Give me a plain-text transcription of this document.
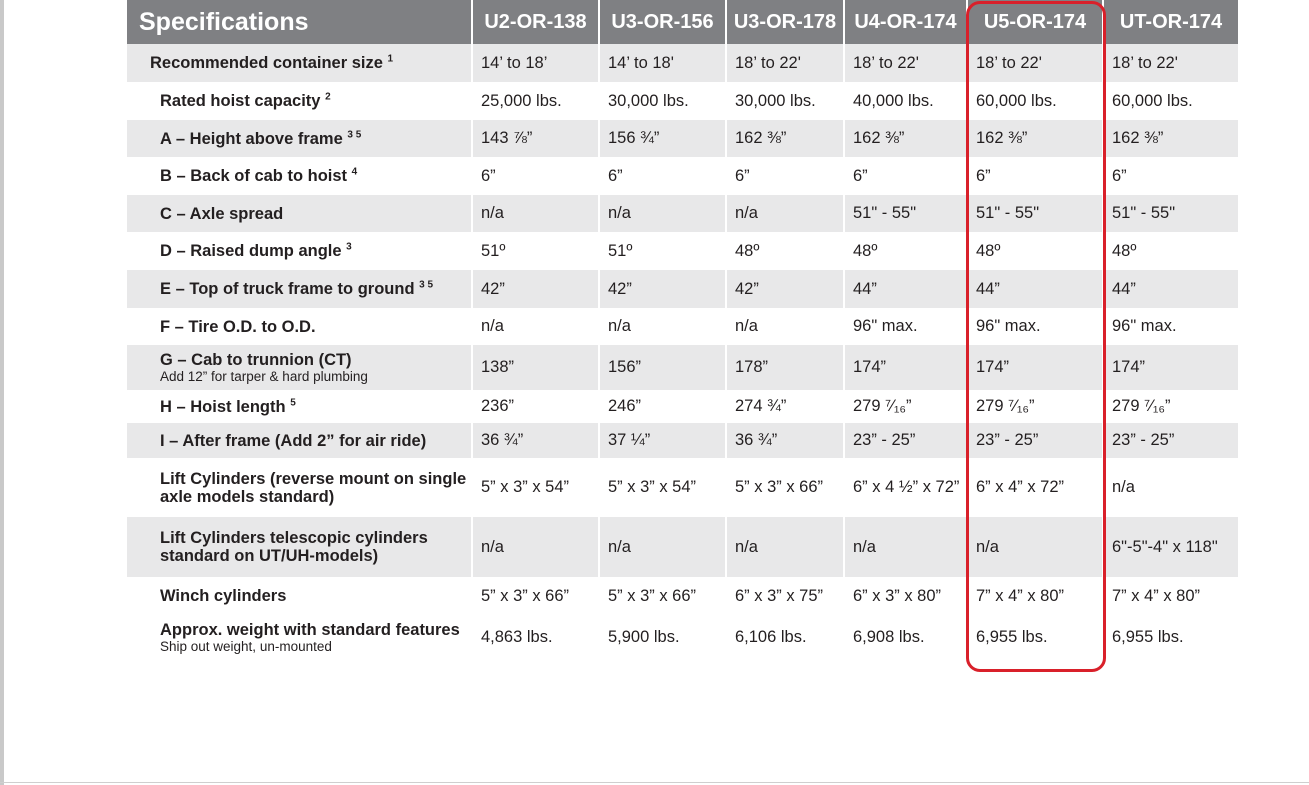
Specifications	U2-OR-138	U3-OR-156	U3-OR-178	U4-OR-174	U5-OR-174	UT-OR-174

Recommended container size $^1$	14’ to 18’	14’ to 18'	18’ to 22'	18’ to 22'	18’ to 22'	18’ to 22'

Rated hoist capacity $^2$	25,000 lbs.	30,000 lbs.	30,000 lbs.	40,000 lbs.	60,000 lbs.	60,000 lbs.

A – Height above frame $^{3 5}$	143 ⅞”	156 ¾”	162 ⅜”	162 ⅜”	162 ⅜”	162 ⅜”

B – Back of cab to hoist $^4$	6”	6”	6”	6”	6”	6”

C – Axle spread	n/a	n/a	n/a	51" - 55"	51" - 55"	51" - 55"

D – Raised dump angle $^3$	51º	51º	48º	48º	48º	48º

E – Top of truck frame to ground $^{3 5}$	42”	42”	42”	44”	44”	44”

F – Tire O.D. to O.D.	n/a	n/a	n/a	96" max.	96" max.	96" max.

G – Cab to trunnion (CT)
Add 12” for tarper & hard plumbing	138”	156”	178”	174”	174”	174”

H – Hoist length $^5$	236”	246”	274 ¾”	279 ⁷⁄₁₆”	279 ⁷⁄₁₆”	279 ⁷⁄₁₆”

I – After frame (Add 2” for air ride)	36 ¾”	37 ¼”	36 ¾”	23” - 25”	23” - 25”	23” - 25”

Lift Cylinders (reverse mount on single axle models standard)	5” x 3” x 54”	5” x 3” x 54”	5” x 3” x 66”	6” x 4 ½” x 72”	6” x 4” x 72”	n/a

Lift Cylinders telescopic cylinders standard on UT/UH-models)	n/a	n/a	n/a	n/a	n/a	6"-5"-4" x 118"

Winch cylinders	5” x 3” x 66”	5” x 3” x 66”	6” x 3” x 75”	6” x 3” x 80”	7” x 4” x 80”	7” x 4” x 80”

Approx. weight with standard features
Ship out weight, un-mounted	4,863 lbs.	5,900 lbs.	6,106 lbs.	6,908 lbs.	6,955 lbs.	6,955 lbs.
